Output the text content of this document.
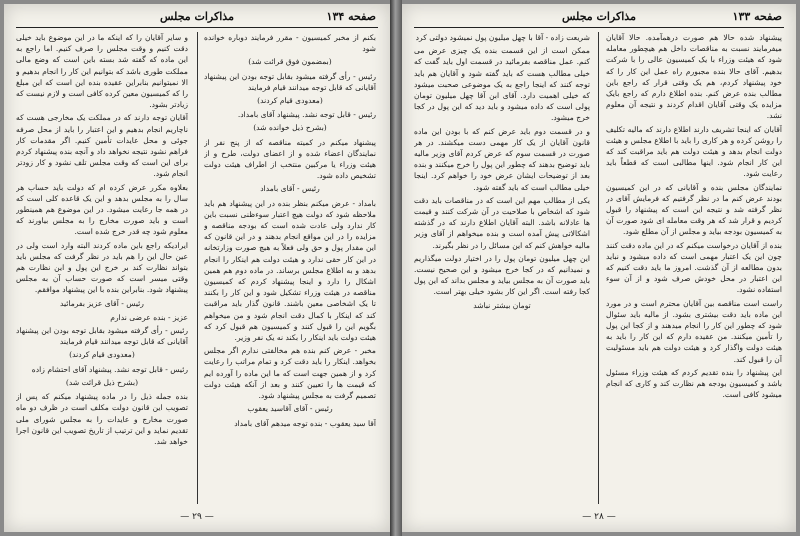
صفحه ۱۳۴
مذاکرات مجلس

بکنم از مخبر کمیسیون - مقرر فرمایند دوباره خوانده شود

(بمضمون فوق قرائت شد)

رئیس - رأی گرفته میشود بقابل توجه بودن این پیشنهاد آقایانی که قابل توجه میدانند قیام فرمایند

(معدودی قیام کردند)

رئیس - قابل توجه نشد. پیشنهاد آقای بامداد.

(بشرح ذیل خوانده شد)

پیشنهاد میکنم در کمیته مناقصه که از پنج نفر از نمایندگان اعضاء شده و از اعضای دولت، طرح و از هیئت وزراء یا مرکبین منتخب از اطراف هیئت دولت تشخیص داده شود.

رئیس - آقای بامداد

بامداد - عرض میکنم بنظر بنده در این پیشنهاد هم باید ملاحظه شود که دولت هیچ اعتبار سوءظنی نسبت باین کار ندارد ولی عادت شده است که بودجه مناقصه و مزایده را در این مواقع انجام بدهند و در این قانون که این مقدار پول و حق ولی فعلاً به هیچ صورت وزارتخانه در این کار حقی ندارد و هیئت دولت هم اینکار را انجام بدهد و به اطلاع مجلس برساند. در ماده دوم هم همین اشکال را دارد و اینجا پیشنهاد کردم که کمیسیون مناقصه در هیئت وزراء تشکیل شود و این کار را بکنند تا یک اشخاصی معین باشند. قانون گذار باید مراقبت کند که اینکار با کمال دقت انجام شود و من میخواهم بگویم این را قبول کنند و کمیسیون هم قبول کرد که هیئت دولت باید اینکار را بکند نه یک نفر وزیر.

مخبر - عرض کنم بنده هم مخالفتی ندارم اگر مجلس بخواهد. اینکار را باید دقت کرد و تمام مراتب را رعایت کرد و از همین جهت است که ما این ماده را آورده ایم که قیمت ها را تعیین کنند و بعد از آنکه هیئت دولت تصمیم گرفت به مجلس پیشنهاد شود.

رئیس - آقای آقاسید یعقوب

آقا سید یعقوب - بنده توجه میدهم آقای بامداد

و سایر آقایان را که اینکه ما در این موضوع باید خیلی دقت کنیم و وقت مجلس را صرف کنیم. اما راجع به این ماده که گفته شد بسته باین است که وضع مالی مملکت طوری باشد که بتوانیم این کار را انجام بدهیم و الا نمیتوانیم بنابراین عقیده بنده این است که این مبلغ را که کمیسیون معین کرده کافی است و لازم نیست که زیادتر بشود.

آقایان توجه دارند که در مملکت یک مخارجی هست که ناچاریم انجام بدهیم و این اعتبار را باید از محل صرفه جوئی و محل عایدات تأمین کنیم. اگر مقدمات کار فراهم نشود نتیجه نخواهد داد و آنچه بنده پیشنهاد کردم برای این است که وقت مجلس تلف نشود و کار زودتر انجام شود.

بعلاوه مکرر عرض کرده ام که دولت باید حساب هر سال را به مجلس بدهد و این یک قاعده کلی است که در همه جا رعایت میشود. در این موضوع هم همینطور است و باید صورت مخارج را به مجلس بیاورند که معلوم شود چه قدر خرج شده است.

ایرادیکه راجع باین ماده کردند البته وارد است ولی در عین حال این را هم باید در نظر گرفت که مجلس باید بتواند نظارت کند بر خرج این پول و این نظارت هم وقتی میسر است که صورت حساب آن به مجلس پیشنهاد شود. بنابراین بنده با این پیشنهاد موافقم.

رئیس - آقای عزیز بفرمائید

عزیز - بنده عرضی ندارم

رئیس - رأی گرفته میشود بقابل توجه بودن این پیشنهاد آقایانی که قابل توجه میدانند قیام فرمایند

(معدودی قیام کردند)

رئیس - قابل توجه نشد. پیشنهاد آقای احتشام زاده

(بشرح ذیل قرائت شد)

بنده جمله ذیل را در ماده پیشنهاد میکنم که پس از تصویب این قانون دولت مکلف است در ظرف دو ماه صورت مخارج و عایدات را به مجلس شورای ملی تقدیم نماید و این ترتیب از تاریخ تصویب این قانون اجرا خواهد شد.

— ۲۹ —
صفحه ۱۳۳
مذاکرات مجلس

پیشنهاد شده حالا هم صورت درهمآمده. حالا آقایان میفرمایند نسبت به مناقصات داخل هم هیچطور معامله شود که هیئت وزراء با یک کمیسیون عالی را با شرکت بدهیم. آقای حالا بنده مجبورم راه عمل این کار را که خود پیشنهاد کردم، هم یک وقتی قرار که راجع باین مطالب بنده عرض کنم. بنده اطلاع دارم که راجع بایک مزایده یک وقتی آقایان اقدام کردند و نتیجه آن معلوم نشد.

آقایان که اینجا تشریف دارند اطلاع دارند که مالیه تکلیف را روشن کرده و هر کاری را باید با اطلاع مجلس و هیئت دولت انجام بدهد و هیئت دولت هم باید مراقبت کند که این کار انجام شود. اینها مطالبی است که قطعاً باید رعایت شود.

نمایندگان مجلس بنده و آقایانی که در این کمیسیون بودند عرض کنم ما در نظر گرفتیم که فرمایش آقای در نظر گرفته شد و نتیجه این است که پیشنهاد را قبول کردیم و قرار شد که هر وقت معامله ای شود صورت آن به کمیسیون بودجه بیاید و مجلس از آن مطلع شود.

بنده از آقایان درخواست میکنم که در این ماده دقت کنند چون این یک اعتبار مهمی است که داده میشود و نباید بدون مطالعه از آن گذشت. امروز ما باید دقت کنیم که این اعتبار در محل خودش صرف شود و از آن سوء استفاده نشود.

راست است مناقصه بین آقایان محترم است و در مورد این ماده باید دقت بیشتری بشود. از مالیه باید سئوال شود که چطور این کار را انجام میدهند و از کجا این پول را تأمین میکنند. من عقیده دارم که این کار را باید به هیئت دولت واگذار کرد و هیئت دولت هم باید مسئولیت آن را قبول کند.

این پیشنهاد را بنده تقدیم کردم که هیئت وزراء مسئول باشد و کمیسیون بودجه هم نظارت کند و کاری که انجام میشود کافی است.

شریعت زاده - آقا با چهل میلیون پول نمیشود دولتی کرد

ممکن است از این قسمت بنده یک چیزی عرض می کنم. عمل مناقصه بفرمائید در قسمت اول باید گفت که خیلی مطالب هست که باید گفته شود و آقایان هم باید توجه کنند که اینجا راجع به یک موضوعی صحبت میشود که خیلی اهمیت دارد. آقای ابن آقا چهل میلیون تومان پولی است که داده میشود و باید دید که این پول در کجا خرج میشود.

و در قسمت دوم باید عرض کنم که با بودن این ماده قانون آقایان از یک کار مهمی دست میکشند. در هر صورت در قسمت سوم که عرض کردم آقای وزیر مالیه باید توضیح بدهند که چطور این پول را خرج میکنند و بنده بعد از توضیحات ایشان عرض خود را خواهم کرد. اینجا خیلی مطالب است که باید گفته شود.

یکی از مطالب مهم این است که در مناقصات باید دقت شود که اشخاص با صلاحیت در آن شرکت کنند و قیمت ها عادلانه باشد. البته آقایان اطلاع دارند که در گذشته اشکالاتی پیش آمده است و بنده میخواهم از آقای وزیر مالیه خواهش کنم که این مسائل را در نظر بگیرند.

این چهل میلیون تومان پول را در اختیار دولت میگذاریم و نمیدانیم که در کجا خرج میشود و این صحیح نیست. باید صورت آن به مجلس بیاید و مجلس بداند که این پول کجا رفته است. اگر این کار بشود خیلی بهتر است.

تومان بیشتر نباشد

— ۲۸ —
